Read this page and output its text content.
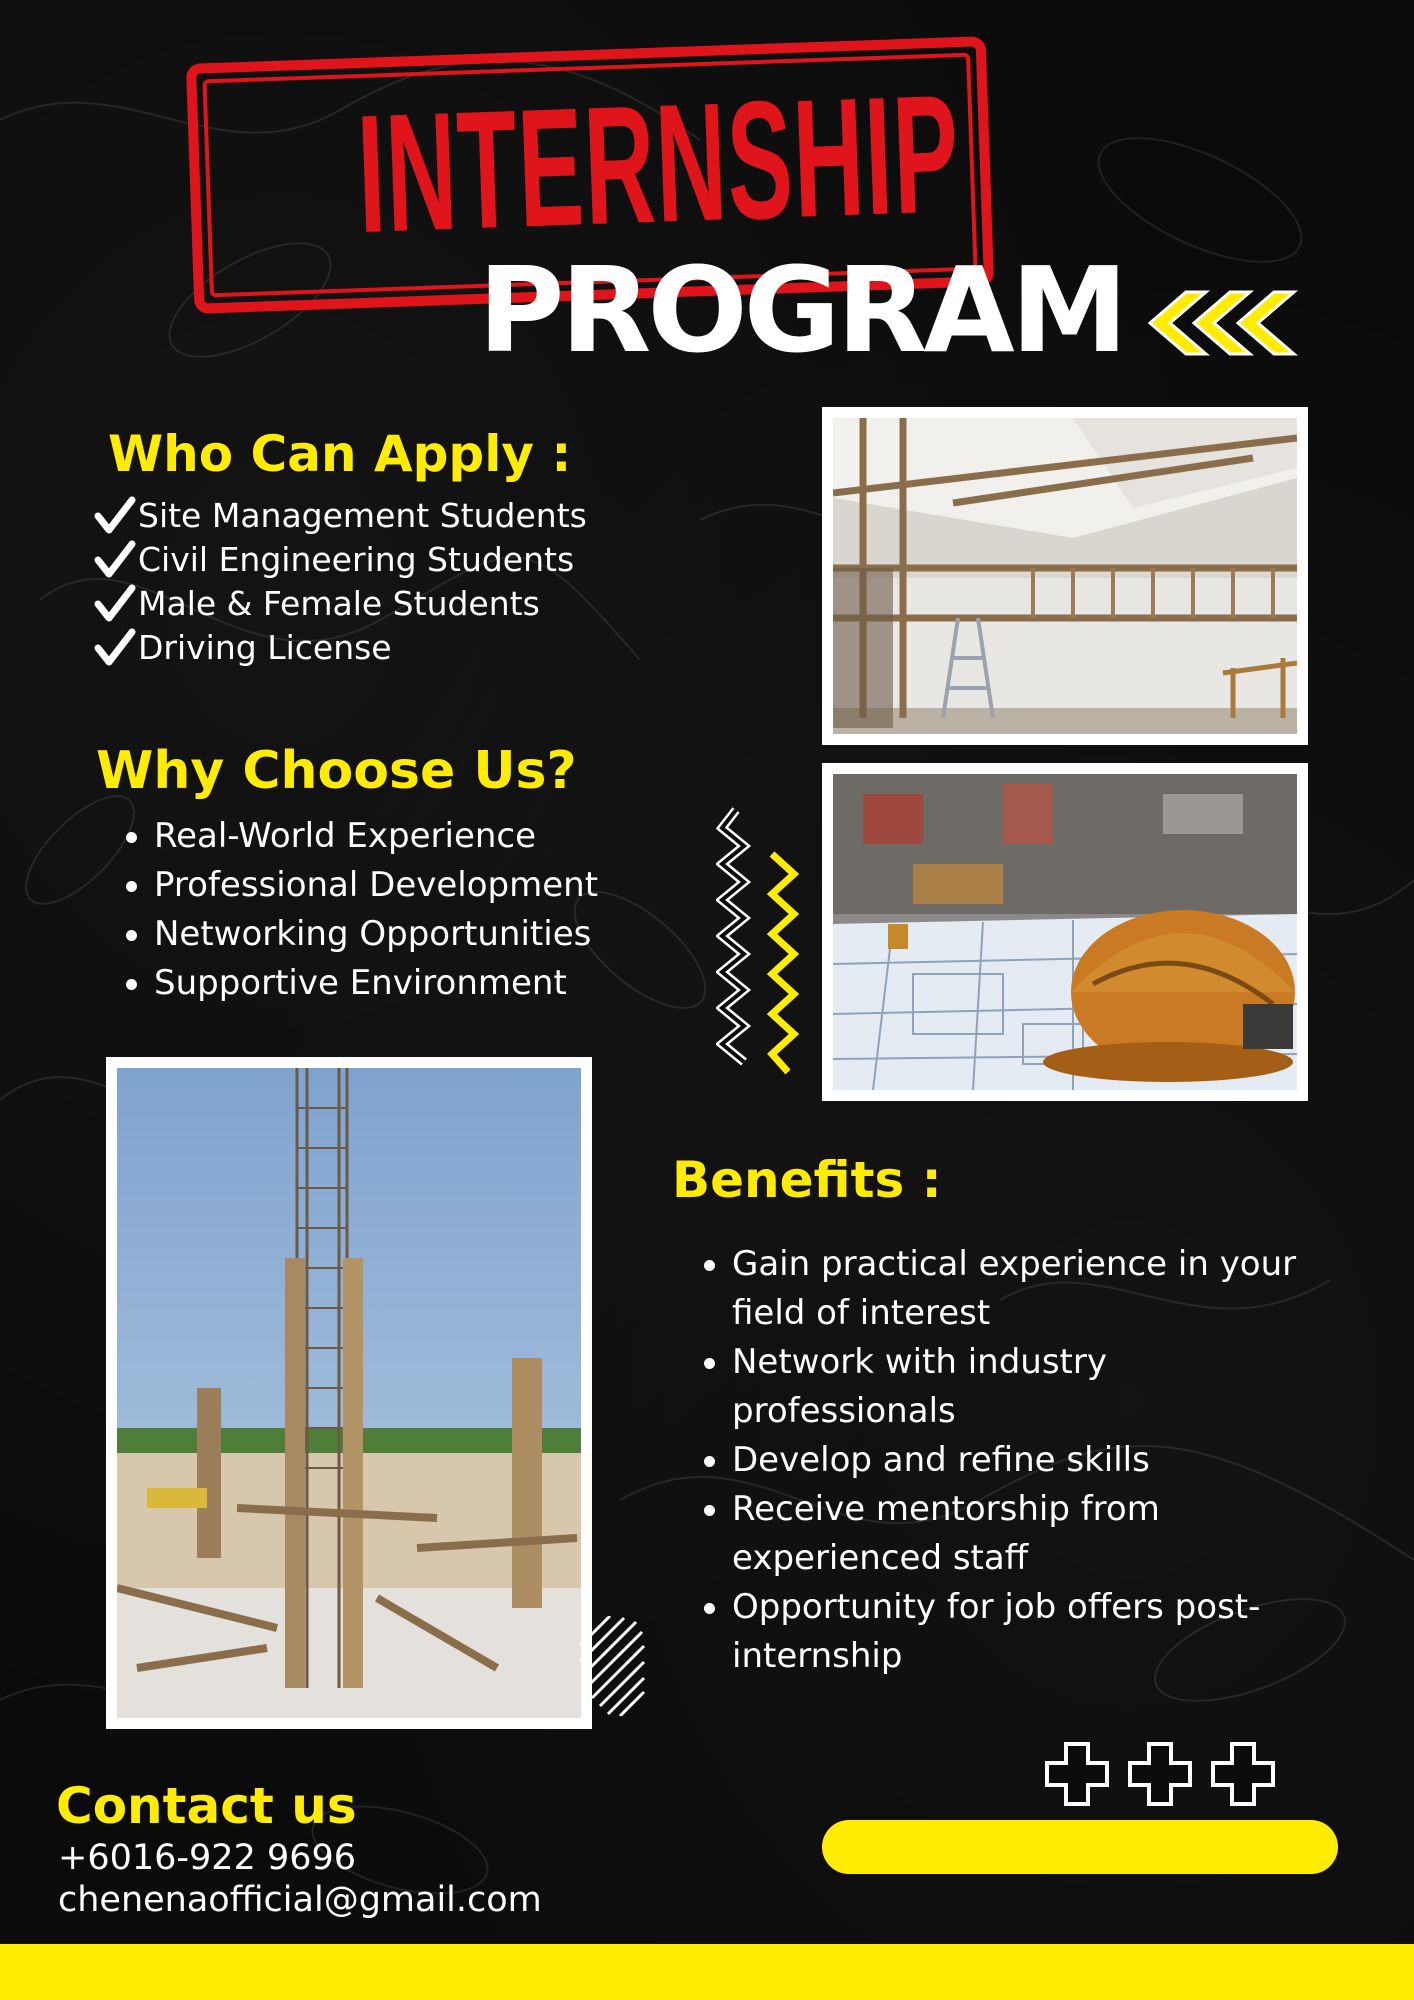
INTERNSHIP
PROGRAM
Who Can Apply :
Site Management Students
Civil Engineering Students
Male & Female Students
Driving License
Why Choose Us?
Real-World Experience
Professional Development
Networking Opportunities
Supportive Environment
Benefits :
Gain practical experience in your field of interest
Network with industry professionals
Develop and refine skills
Receive mentorship from experienced staff
Opportunity for job offers post-internship
Contact us
+6016-922 9696
chenenaofficial@gmail.com
